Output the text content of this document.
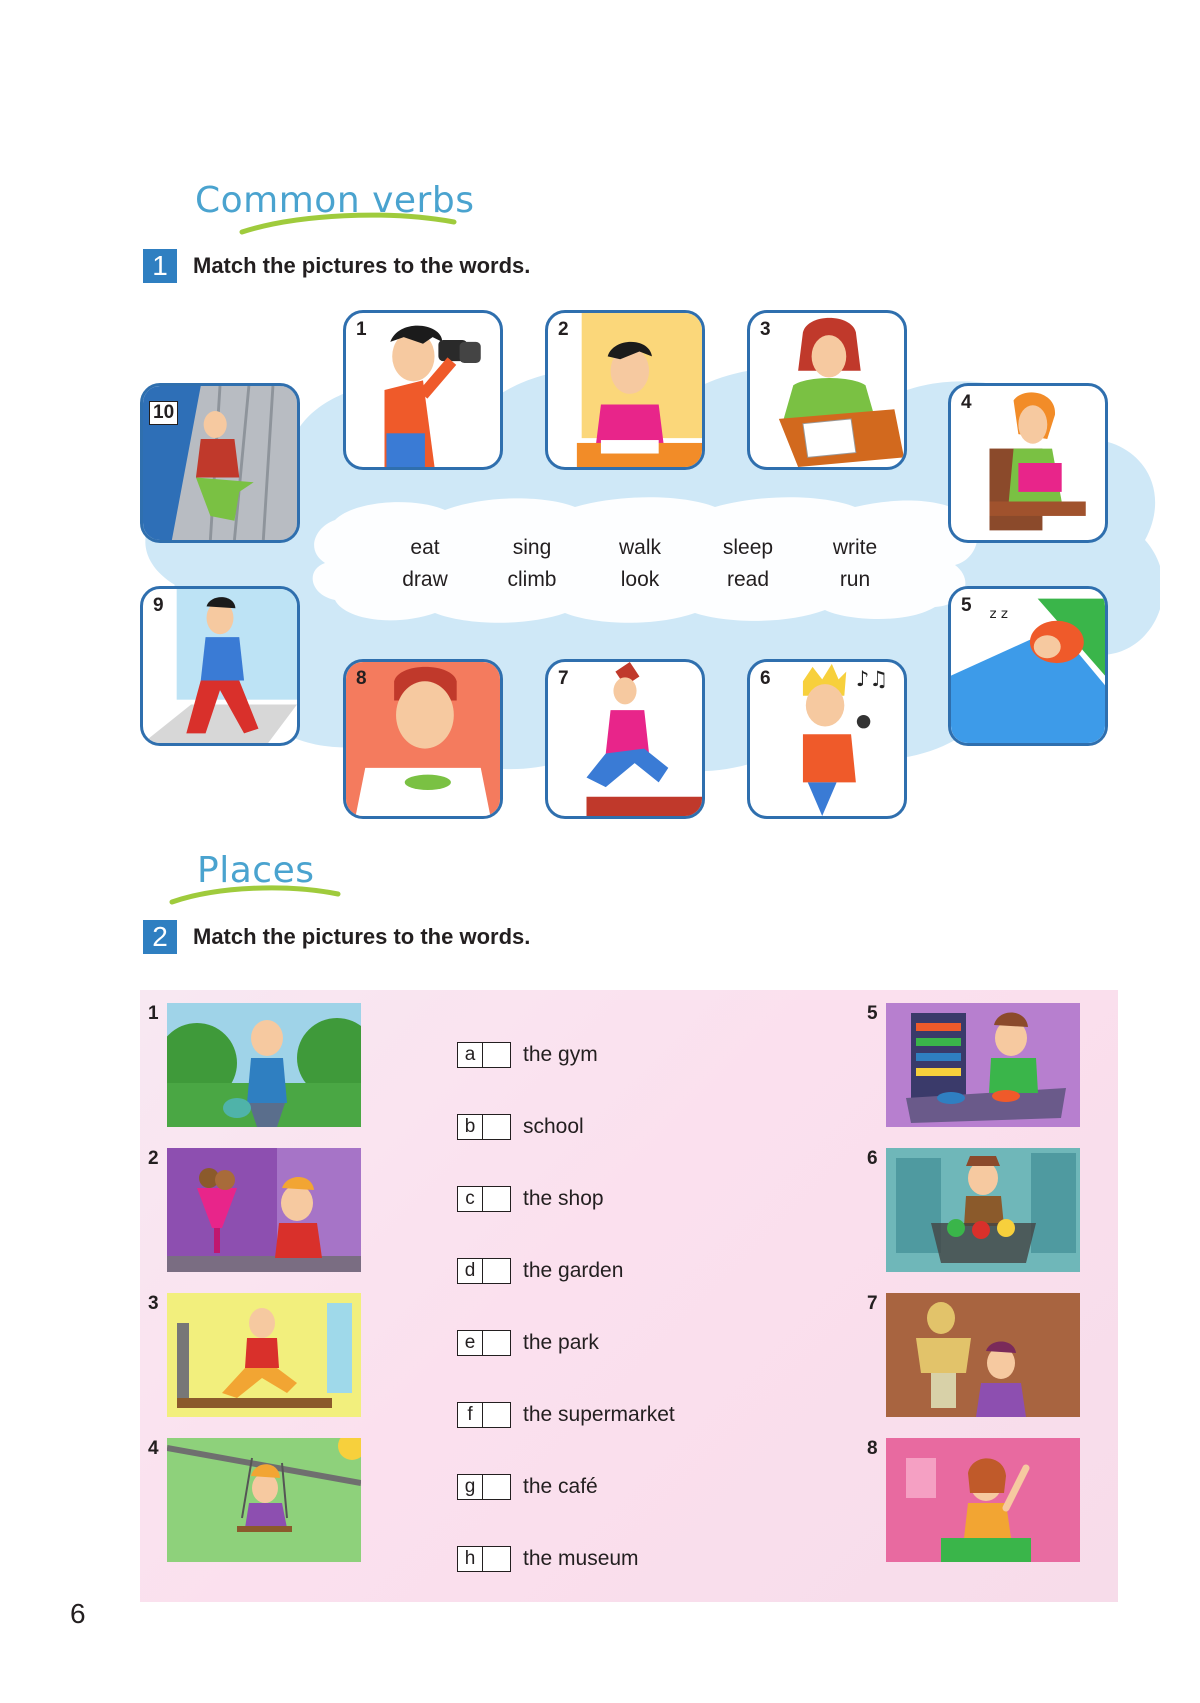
Common verbs
1	Match the pictures to the words.
1	2	3
4
5 z z
6	♪♫
7
8
9
10
eat	sing	walk	sleep	write
draw	climb	look	read	run
Places
2	Match the pictures to the words.
1
2
3
4
5
6
7
8
a	the gym
b	school
c	the shop
d	the garden
e	the park
f	the supermarket
g	the café
h	the museum
6
